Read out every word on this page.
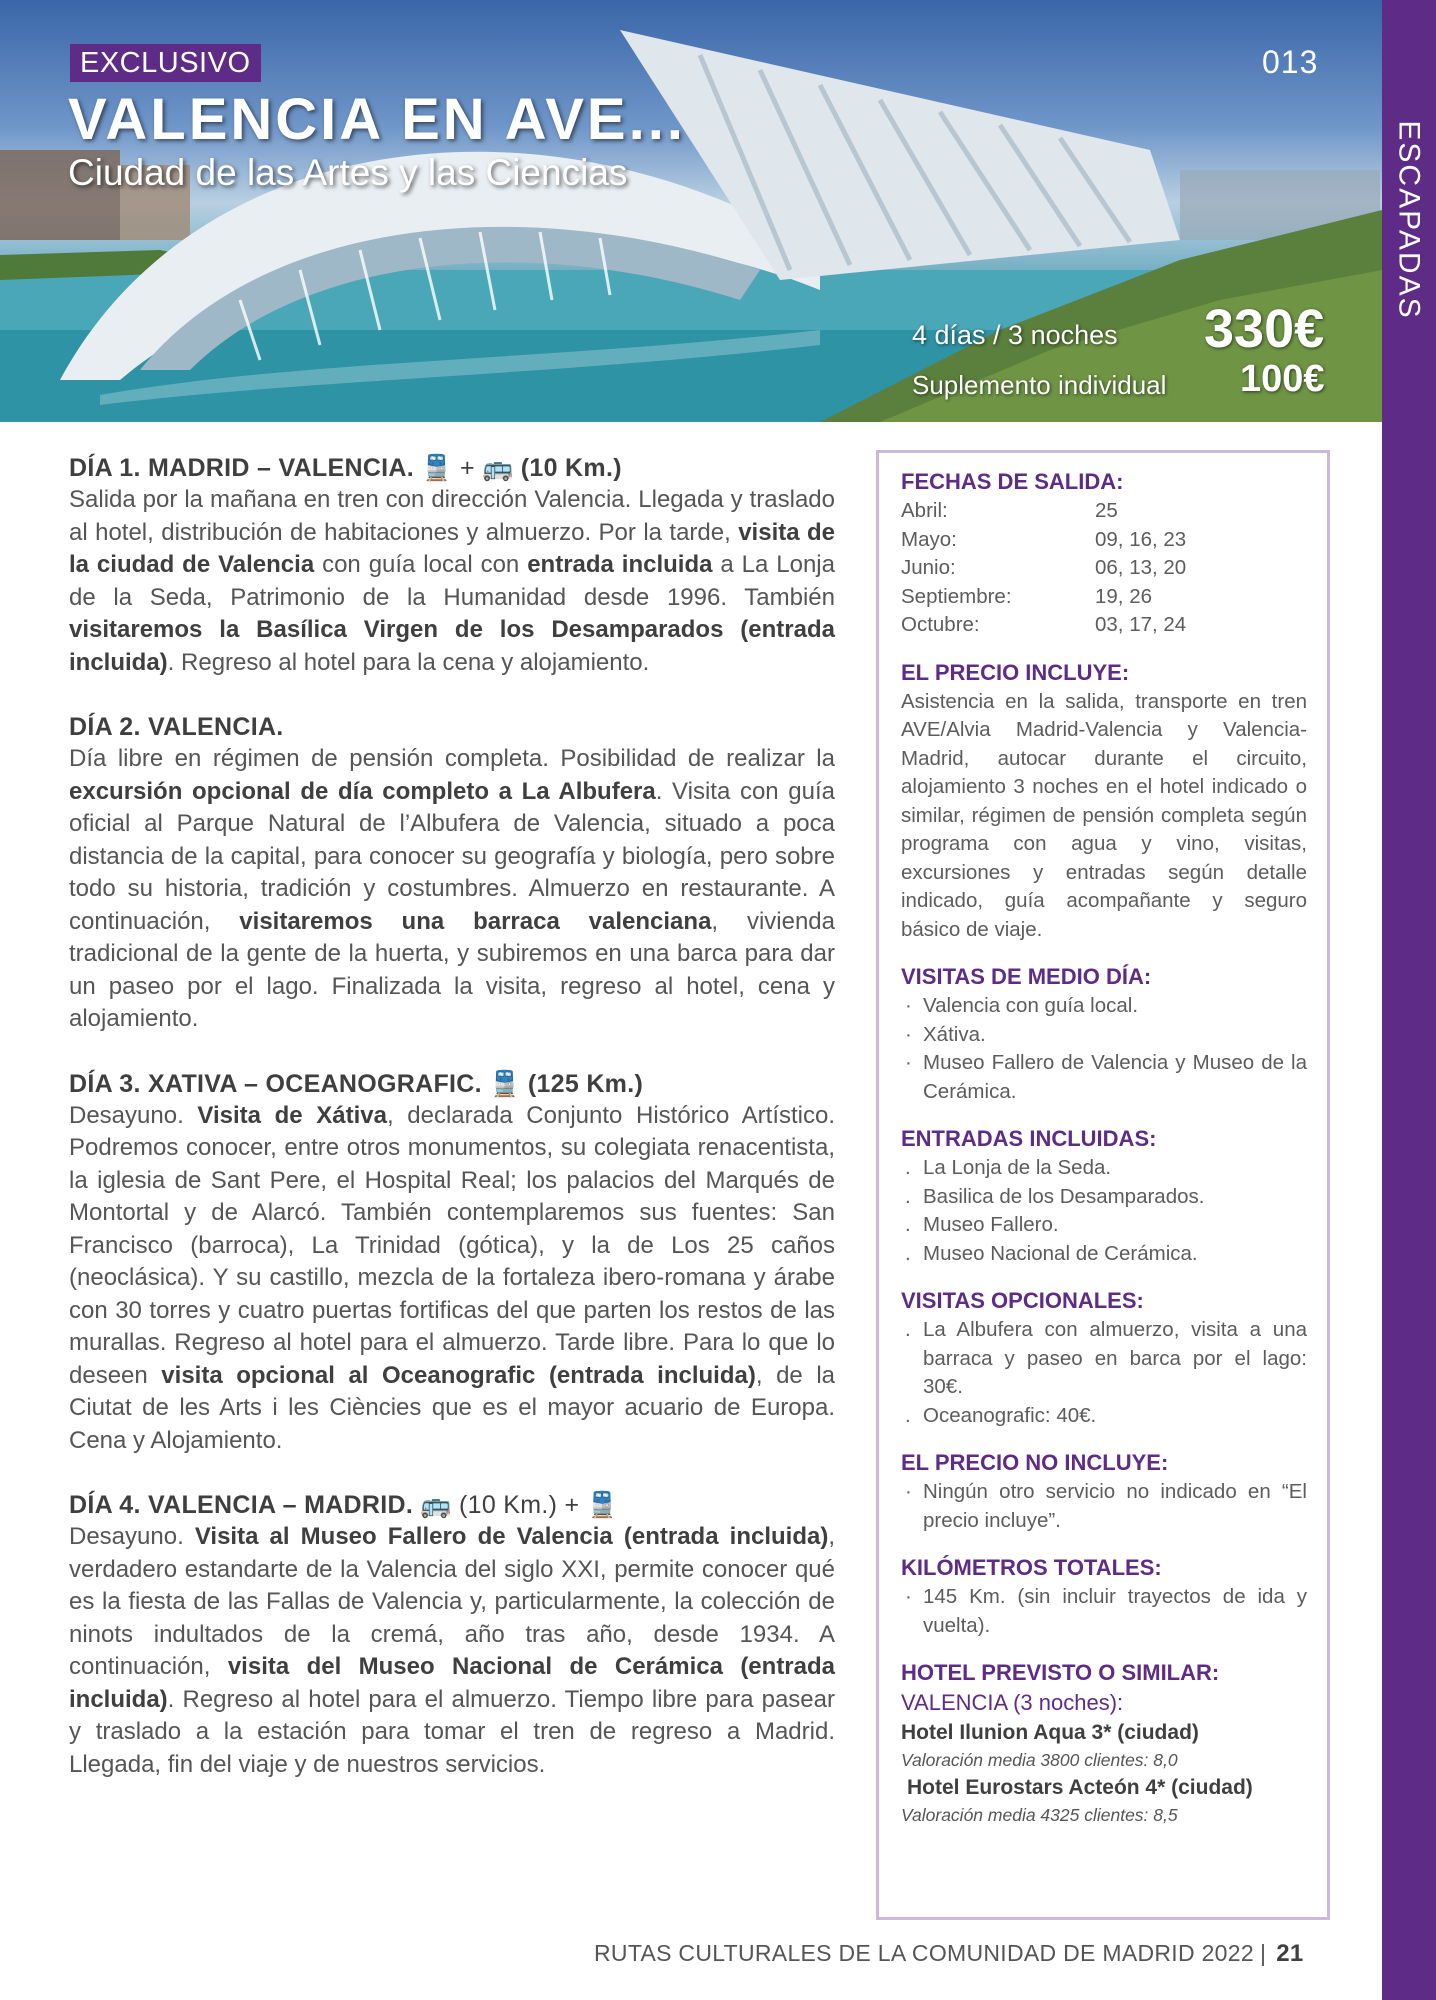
EXCLUSIVO
VALENCIA EN AVE...
Ciudad de las Artes y las Ciencias
013
4 días / 3 noches 330€
Suplemento individual 100€
ESCAPADAS
DÍA 1. MADRID – VALENCIA. 🚆 + 🚌 (10 Km.)

Salida por la mañana en tren con dirección Valencia. Llegada y traslado al hotel, distribución de habitaciones y almuerzo. Por la tarde, visita de la ciudad de Valencia con guía local con entrada incluida a La Lonja de la Seda, Patrimonio de la Humanidad desde 1996. También visitaremos la Basílica Virgen de los Desamparados (entrada incluida). Regreso al hotel para la cena y alojamiento.

DÍA 2. VALENCIA.

Día libre en régimen de pensión completa. Posibilidad de realizar la excursión opcional de día completo a La Albufera. Visita con guía oficial al Parque Natural de l’Albufera de Valencia, situado a poca distancia de la capital, para conocer su geografía y biología, pero sobre todo su historia, tradición y costumbres. Almuerzo en restaurante. A continuación, visitaremos una barraca valenciana, vivienda tradicional de la gente de la huerta, y subiremos en una barca para dar un paseo por el lago. Finalizada la visita, regreso al hotel, cena y alojamiento.

DÍA 3. XATIVA – OCEANOGRAFIC. 🚆 (125 Km.)

Desayuno. Visita de Xátiva, declarada Conjunto Histórico Artístico. Podremos conocer, entre otros monumentos, su colegiata renacentista, la iglesia de Sant Pere, el Hospital Real; los palacios del Marqués de Montortal y de Alarcó. También contemplaremos sus fuentes: San Francisco (barroca), La Trinidad (gótica), y la de Los 25 caños (neoclásica). Y su castillo, mezcla de la fortaleza ibero-romana y árabe con 30 torres y cuatro puertas fortificas del que parten los restos de las murallas. Regreso al hotel para el almuerzo. Tarde libre. Para lo que lo deseen visita opcional al Oceanografic (entrada incluida), de la Ciutat de les Arts i les Ciències que es el mayor acuario de Europa. Cena y Alojamiento.

DÍA 4. VALENCIA – MADRID. 🚌 (10 Km.) + 🚆

Desayuno. Visita al Museo Fallero de Valencia (entrada incluida), verdadero estandarte de la Valencia del siglo XXI, permite conocer qué es la fiesta de las Fallas de Valencia y, particularmente, la colección de ninots indultados de la cremá, año tras año, desde 1934. A continuación, visita del Museo Nacional de Cerámica (entrada incluida). Regreso al hotel para el almuerzo. Tiempo libre para pasear y traslado a la estación para tomar el tren de regreso a Madrid. Llegada, fin del viaje y de nuestros servicios.

FECHAS DE SALIDA:
Abril:	25
Mayo:	09, 16, 23
Junio:	06, 13, 20
Septiembre:	19, 26
Octubre:	03, 17, 24
EL PRECIO INCLUYE:
Asistencia en la salida, transporte en tren AVE/Alvia Madrid-Valencia y Valencia-Madrid, autocar durante el circuito, alojamiento 3 noches en el hotel indicado o similar, régimen de pensión completa según programa con agua y vino, visitas, excursiones y entradas según detalle indicado, guía acompañante y seguro básico de viaje.
VISITAS DE MEDIO DÍA:
· Valencia con guía local.
· Xátiva.
· Museo Fallero de Valencia y Museo de la Cerámica.
ENTRADAS INCLUIDAS:
. La Lonja de la Seda.
. Basilica de los Desamparados.
. Museo Fallero.
. Museo Nacional de Cerámica.
VISITAS OPCIONALES:
. La Albufera con almuerzo, visita a una barraca y paseo en barca por el lago: 30€.
. Oceanografic: 40€.
EL PRECIO NO INCLUYE:
· Ningún otro servicio no indicado en “El precio incluye”.
KILÓMETROS TOTALES:
· 145 Km. (sin incluir trayectos de ida y vuelta).
HOTEL PREVISTO O SIMILAR:
VALENCIA (3 noches):
Hotel Ilunion Aqua 3* (ciudad)
Valoración media 3800 clientes: 8,0
Hotel Eurostars Acteón 4* (ciudad)
Valoración media 4325 clientes: 8,5
RUTAS CULTURALES DE LA COMUNIDAD DE MADRID 2022 | 21
